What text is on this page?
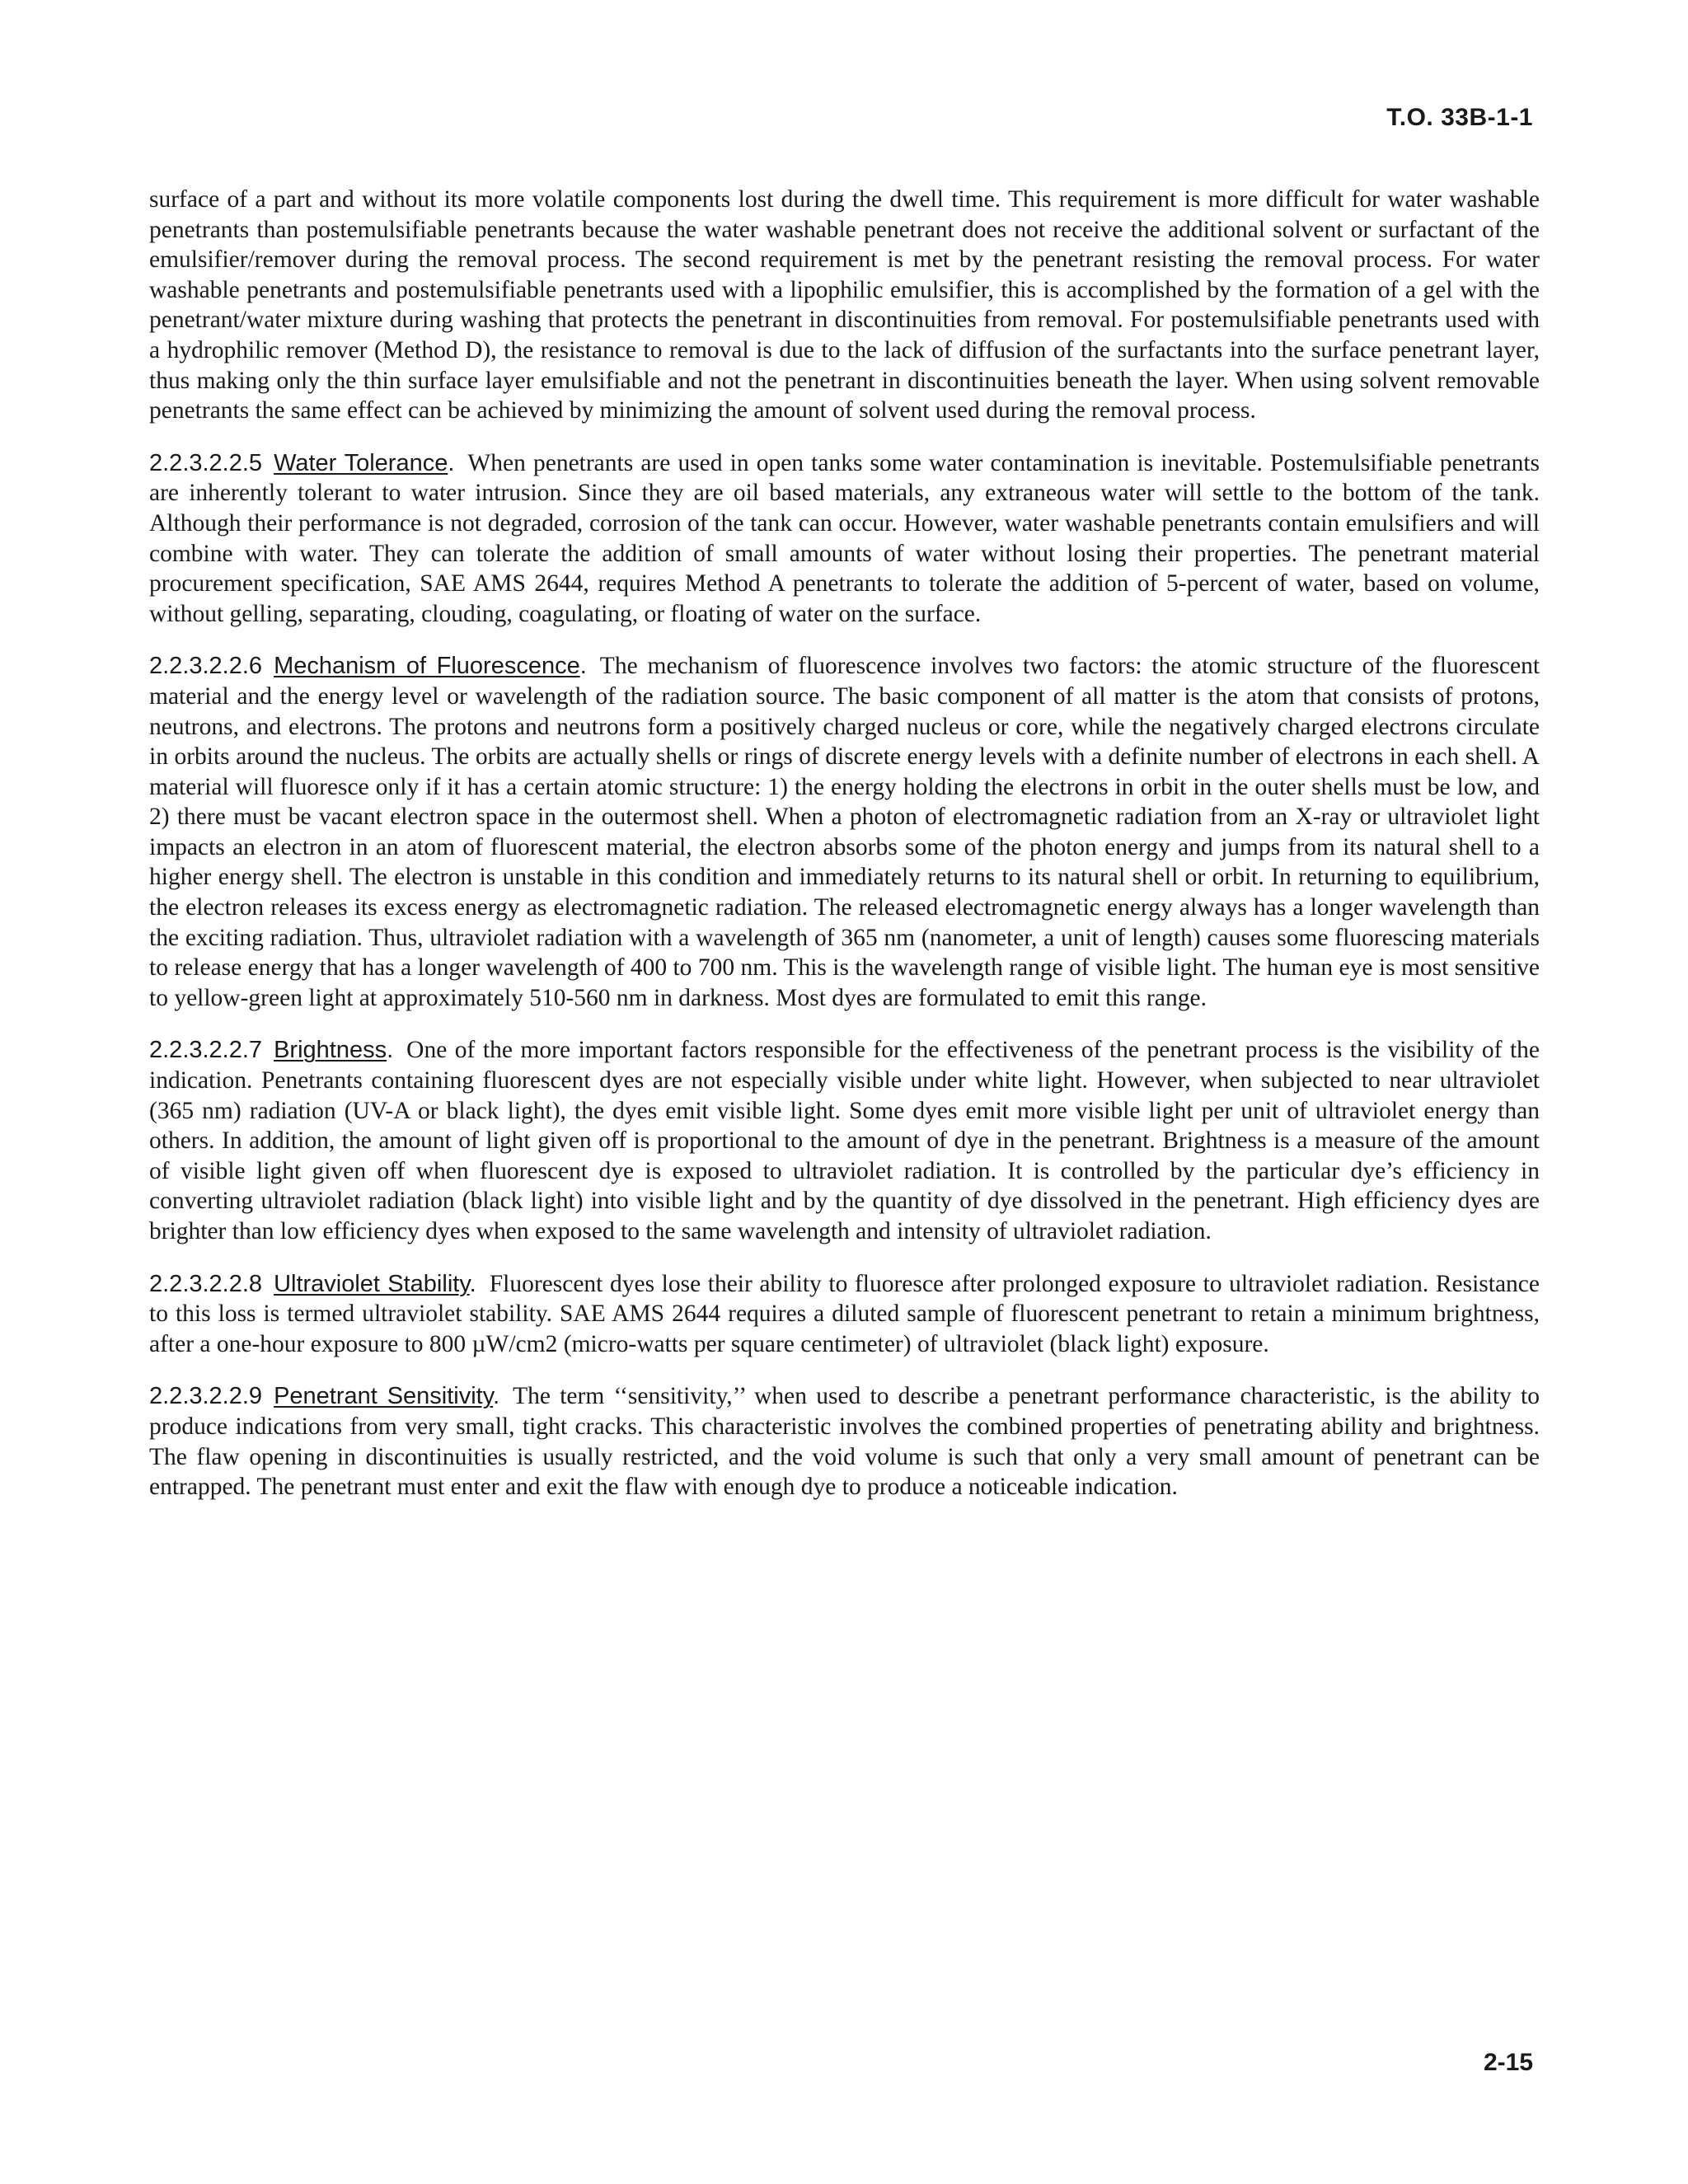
T.O. 33B-1-1

surface of a part and without its more volatile components lost during the dwell time. This requirement is more difficult for water washable penetrants than postemulsifiable penetrants because the water washable penetrant does not receive the additional solvent or surfactant of the emulsifier/remover during the removal process. The second requirement is met by the penetrant resisting the removal process. For water washable penetrants and postemulsifiable penetrants used with a lipophilic emulsifier, this is accomplished by the formation of a gel with the penetrant/water mixture during washing that protects the penetrant in discontinuities from removal. For postemulsifiable penetrants used with a hydrophilic remover (Method D), the resistance to removal is due to the lack of diffusion of the surfactants into the surface penetrant layer, thus making only the thin surface layer emulsifiable and not the penetrant in discontinuities beneath the layer. When using solvent removable penetrants the same effect can be achieved by minimizing the amount of solvent used during the removal process.

2.2.3.2.2.5 Water Tolerance. When penetrants are used in open tanks some water contamination is inevitable. Postemulsifiable penetrants are inherently tolerant to water intrusion. Since they are oil based materials, any extraneous water will settle to the bottom of the tank. Although their performance is not degraded, corrosion of the tank can occur. However, water washable penetrants contain emulsifiers and will combine with water. They can tolerate the addition of small amounts of water without losing their properties. The penetrant material procurement specification, SAE AMS 2644, requires Method A penetrants to tolerate the addition of 5-percent of water, based on volume, without gelling, separating, clouding, coagulating, or floating of water on the surface.

2.2.3.2.2.6 Mechanism of Fluorescence. The mechanism of fluorescence involves two factors: the atomic structure of the fluorescent material and the energy level or wavelength of the radiation source. The basic component of all matter is the atom that consists of protons, neutrons, and electrons. The protons and neutrons form a positively charged nucleus or core, while the negatively charged electrons circulate in orbits around the nucleus. The orbits are actually shells or rings of discrete energy levels with a definite number of electrons in each shell. A material will fluoresce only if it has a certain atomic structure: 1) the energy holding the electrons in orbit in the outer shells must be low, and 2) there must be vacant electron space in the outermost shell. When a photon of electromagnetic radiation from an X-ray or ultraviolet light impacts an electron in an atom of fluorescent material, the electron absorbs some of the photon energy and jumps from its natural shell to a higher energy shell. The electron is unstable in this condition and immediately returns to its natural shell or orbit. In returning to equilibrium, the electron releases its excess energy as electromagnetic radiation. The released electromagnetic energy always has a longer wavelength than the exciting radiation. Thus, ultraviolet radiation with a wavelength of 365 nm (nanometer, a unit of length) causes some fluorescing materials to release energy that has a longer wavelength of 400 to 700 nm. This is the wavelength range of visible light. The human eye is most sensitive to yellow-green light at approximately 510-560 nm in darkness. Most dyes are formulated to emit this range.

2.2.3.2.2.7 Brightness. One of the more important factors responsible for the effectiveness of the penetrant process is the visibility of the indication. Penetrants containing fluorescent dyes are not especially visible under white light. However, when subjected to near ultraviolet (365 nm) radiation (UV-A or black light), the dyes emit visible light. Some dyes emit more visible light per unit of ultraviolet energy than others. In addition, the amount of light given off is proportional to the amount of dye in the penetrant. Brightness is a measure of the amount of visible light given off when fluorescent dye is exposed to ultraviolet radiation. It is controlled by the particular dye’s efficiency in converting ultraviolet radiation (black light) into visible light and by the quantity of dye dissolved in the penetrant. High efficiency dyes are brighter than low efficiency dyes when exposed to the same wavelength and intensity of ultraviolet radiation.

2.2.3.2.2.8 Ultraviolet Stability. Fluorescent dyes lose their ability to fluoresce after prolonged exposure to ultraviolet radiation. Resistance to this loss is termed ultraviolet stability. SAE AMS 2644 requires a diluted sample of fluorescent penetrant to retain a minimum brightness, after a one-hour exposure to 800 µW/cm2 (micro-watts per square centimeter) of ultraviolet (black light) exposure.

2.2.3.2.2.9 Penetrant Sensitivity. The term ‘‘sensitivity,’’ when used to describe a penetrant performance characteristic, is the ability to produce indications from very small, tight cracks. This characteristic involves the combined properties of penetrating ability and brightness. The flaw opening in discontinuities is usually restricted, and the void volume is such that only a very small amount of penetrant can be entrapped. The penetrant must enter and exit the flaw with enough dye to produce a noticeable indication.

2-15
